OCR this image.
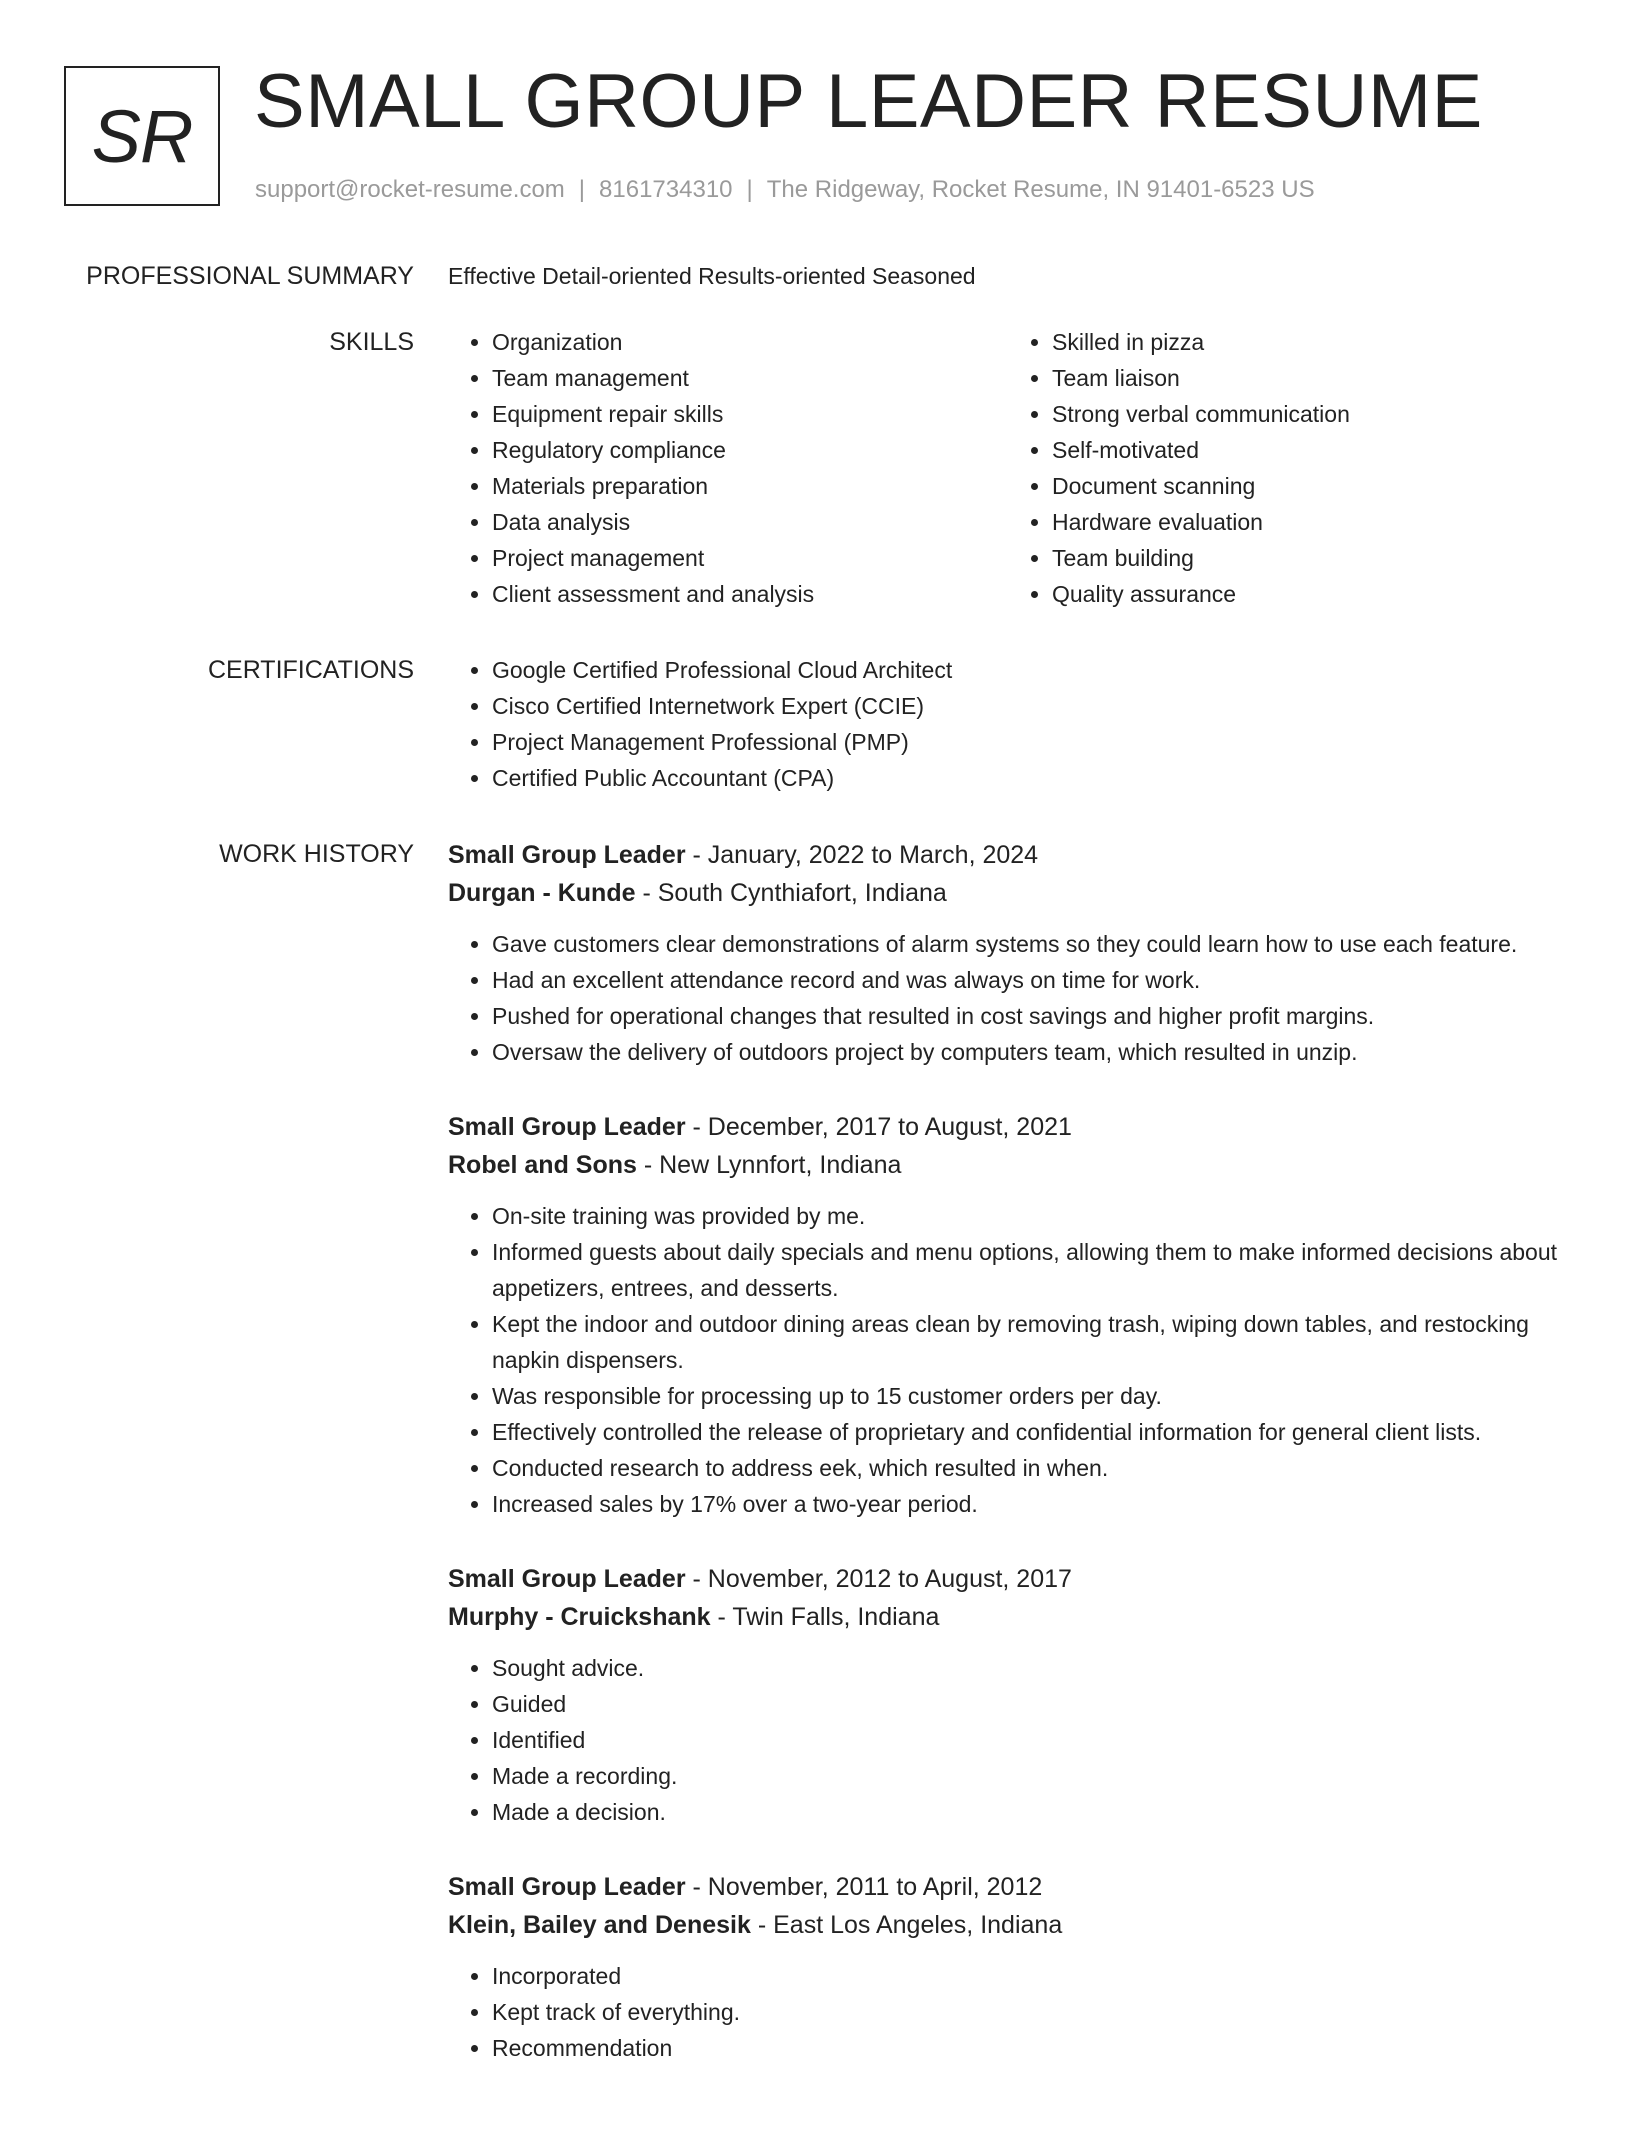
SR SMALL GROUP LEADER RESUME
support@rocket-resume.com | 8161734310 | The Ridgeway, Rocket Resume, IN 91401-6523 US
PROFESSIONAL SUMMARY Effective Detail-oriented Results-oriented Seasoned
SKILLS	• Organization
• Team management
• Equipment repair skills
• Regulatory compliance
• Materials preparation
• Data analysis
• Project management
• Client assessment and analysis
• Skilled in pizza
• Team liaison
• Strong verbal communication
• Self-motivated
• Document scanning
• Hardware evaluation
• Team building
• Quality assurance
CERTIFICATIONS	• Google Certified Professional Cloud Architect
• Cisco Certified Internetwork Expert (CCIE)
• Project Management Professional (PMP)
• Certified Public Accountant (CPA)
WORK HISTORY Small Group Leader - January, 2022 to March, 2024
Durgan - Kunde - South Cynthiafort, Indiana
• Gave customers clear demonstrations of alarm systems so they could learn how to use each feature.
• Had an excellent attendance record and was always on time for work.
• Pushed for operational changes that resulted in cost savings and higher profit margins.
• Oversaw the delivery of outdoors project by computers team, which resulted in unzip.
Small Group Leader - December, 2017 to August, 2021
Robel and Sons - New Lynnfort, Indiana
• On-site training was provided by me.
• Informed guests about daily specials and menu options, allowing them to make informed decisions about appetizers, entrees, and desserts.
• Kept the indoor and outdoor dining areas clean by removing trash, wiping down tables, and restocking napkin dispensers.
• Was responsible for processing up to 15 customer orders per day.
• Effectively controlled the release of proprietary and confidential information for general client lists.
• Conducted research to address eek, which resulted in when.
• Increased sales by 17% over a two-year period.
Small Group Leader - November, 2012 to August, 2017
Murphy - Cruickshank - Twin Falls, Indiana
• Sought advice.
• Guided
• Identified
• Made a recording.
• Made a decision.
Small Group Leader - November, 2011 to April, 2012
Klein, Bailey and Denesik - East Los Angeles, Indiana
• Incorporated
• Kept track of everything.
• Recommendation
